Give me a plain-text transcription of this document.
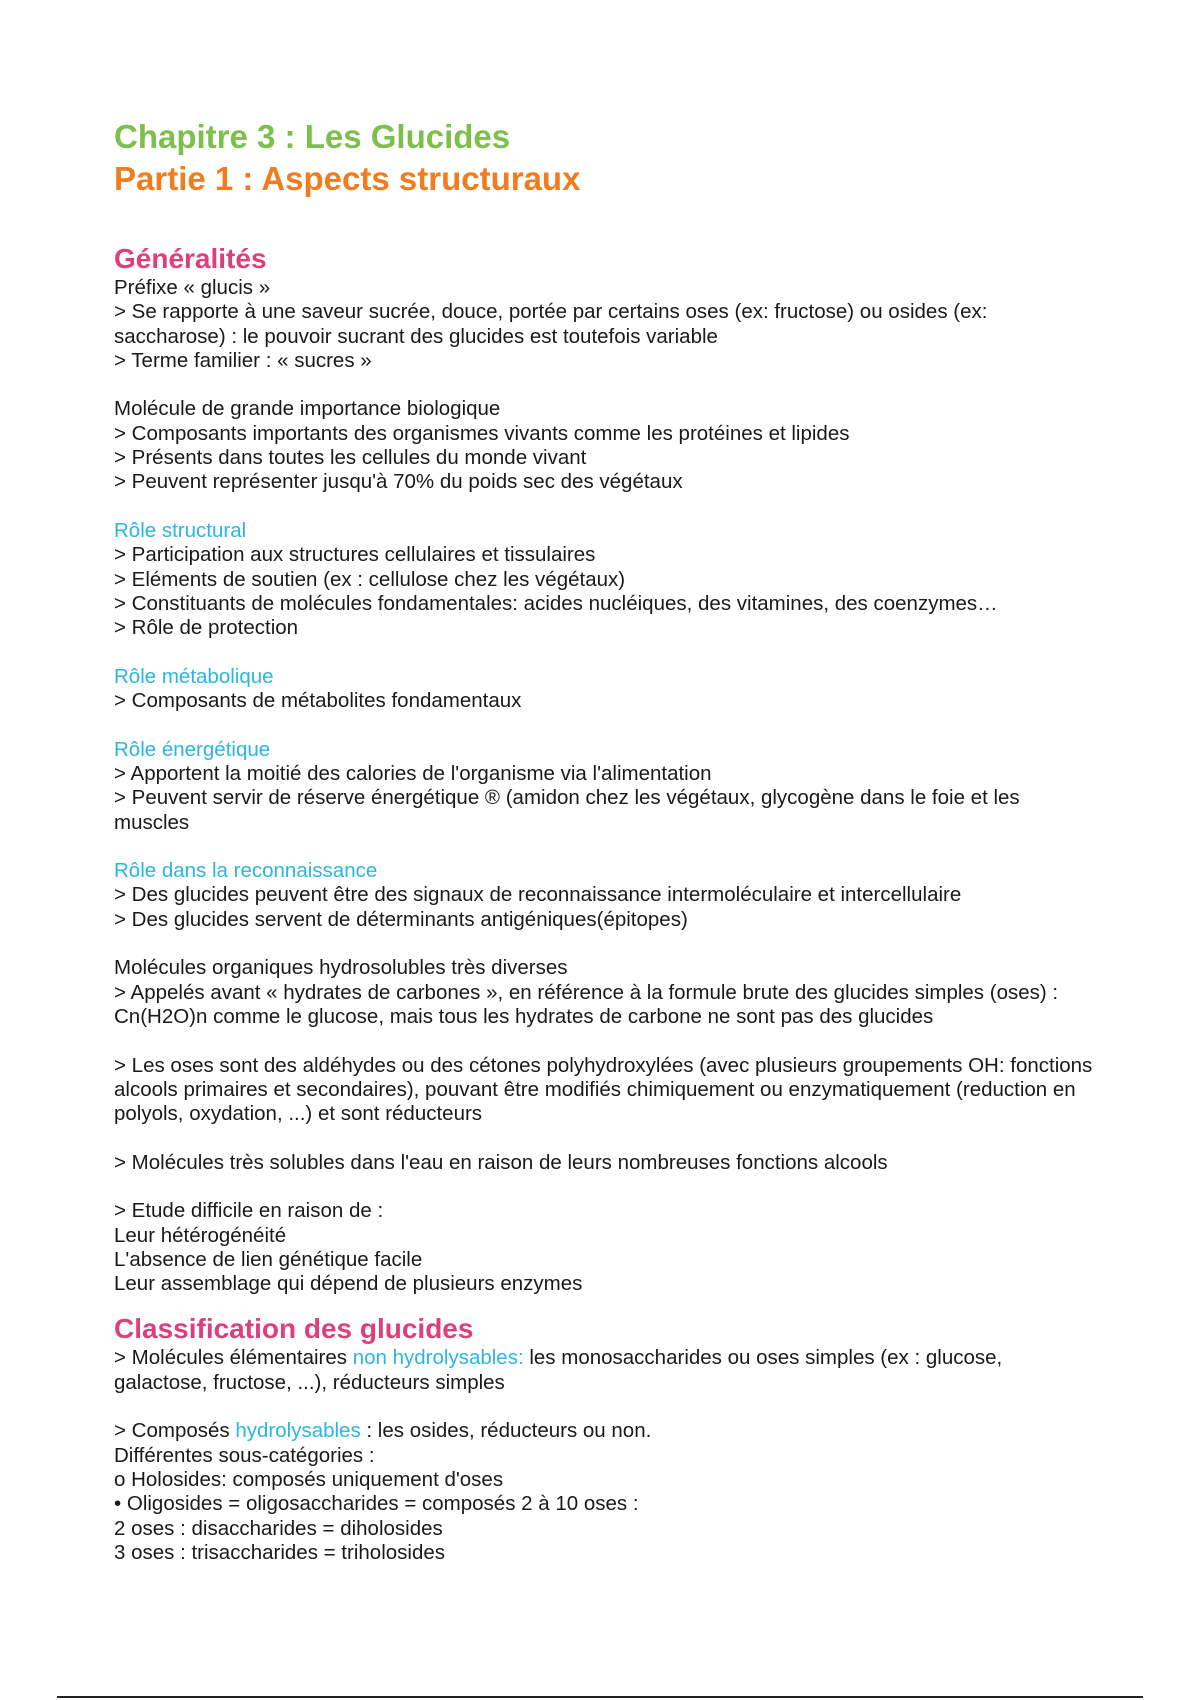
Chapitre 3 : Les Glucides
Partie 1 : Aspects structuraux
Généralités
Préfixe « glucis »
> Se rapporte à une saveur sucrée, douce, portée par certains oses (ex: fructose) ou osides (ex: saccharose) : le pouvoir sucrant des glucides est toutefois variable
> Terme familier : « sucres »
Molécule de grande importance biologique
> Composants importants des organismes vivants comme les protéines et lipides
> Présents dans toutes les cellules du monde vivant
> Peuvent représenter jusqu'à 70% du poids sec des végétaux
Rôle structural
> Participation aux structures cellulaires et tissulaires
> Eléments de soutien (ex : cellulose chez les végétaux)
> Constituants de molécules fondamentales: acides nucléiques, des vitamines, des coenzymes…
> Rôle de protection
Rôle métabolique
> Composants de métabolites fondamentaux
Rôle énergétique
> Apportent la moitié des calories de l'organisme via l'alimentation
> Peuvent servir de réserve énergétique ® (amidon chez les végétaux, glycogène dans le foie et les muscles
Rôle dans la reconnaissance
> Des glucides peuvent être des signaux de reconnaissance intermoléculaire et intercellulaire
> Des glucides servent de déterminants antigéniques(épitopes)
Molécules organiques hydrosolubles très diverses
> Appelés avant « hydrates de carbones », en référence à la formule brute des glucides simples (oses) : Cn(H2O)n comme le glucose, mais tous les hydrates de carbone ne sont pas des glucides
> Les oses sont des aldéhydes ou des cétones polyhydroxylées (avec plusieurs groupements OH: fonctions alcools primaires et secondaires), pouvant être modifiés chimiquement ou enzymatiquement (reduction en polyols, oxydation, ...) et sont réducteurs
> Molécules très solubles dans l'eau en raison de leurs nombreuses fonctions alcools
> Etude difficile en raison de :
Leur hétérogénéité
L'absence de lien génétique facile
Leur assemblage qui dépend de plusieurs enzymes
Classification des glucides
> Molécules élémentaires non hydrolysables: les monosaccharides ou oses simples (ex : glucose, galactose, fructose, ...), réducteurs simples
> Composés hydrolysables : les osides, réducteurs ou non.
Différentes sous-catégories :
o Holosides: composés uniquement d'oses
• Oligosides = oligosaccharides = composés 2 à 10 oses :
2 oses : disaccharides = diholosides
3 oses : trisaccharides = triholosides
